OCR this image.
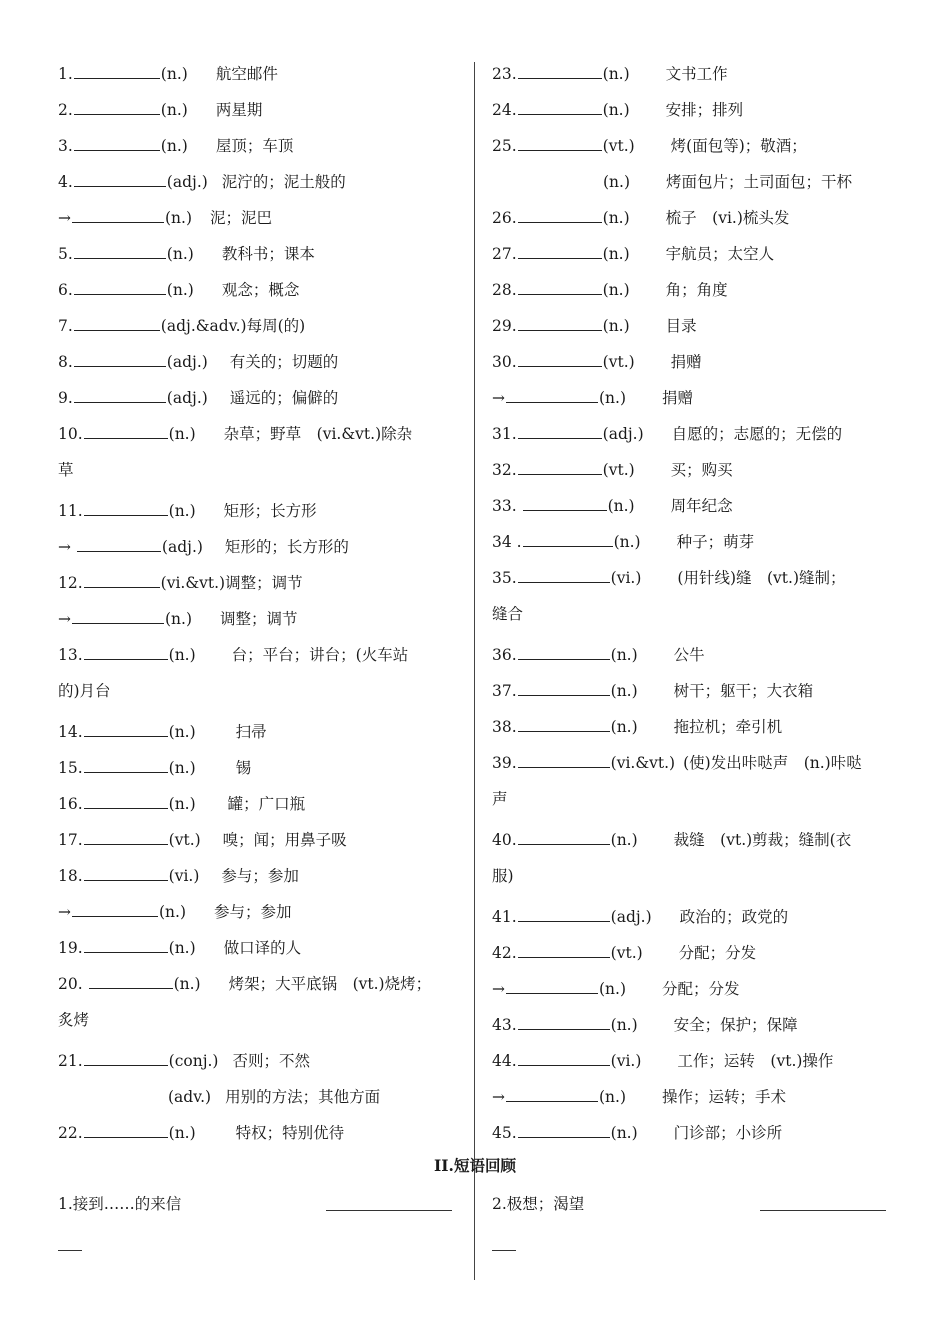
1.	(n.) 航空邮件
2.	(n.) 两星期
3.	(n.) 屋顶；车顶
4.	(adj.) 泥泞的；泥土般的
→	(n.) 泥；泥巴
5.	(n.) 教科书；课本
6.	(n.) 观念；概念
7.	(adj.&adv.)每周(的)
8.	(adj.) 有关的；切题的
9.	(adj.) 遥远的；偏僻的
10.	(n.) 杂草；野草　(vi.&vt.)除杂
草
11.	(n.) 矩形；长方形
→	(adj.) 矩形的；长方形的
12.	(vi.&vt.)调整；调节
→	(n.) 调整；调节
13.	(n.) 台；平台；讲台；(火车站
的)月台
14.	(n.)	扫帚
15.	(n.)	锡
16.	(n.) 罐；广口瓶
17.	(vt.) 嗅；闻；用鼻子吸
18.	(vi.) 参与；参加
→	(n.) 参与；参加
19.	(n.) 做口译的人
20.	(n.) 烤架；大平底锅　(vt.)烧烤；
炙烤
21.	(conj.) 否则；不然
(adv.) 用别的方法；其他方面
22.	(n.)	特权；特别优待
23.	(n.) 文书工作
24.	(n.) 安排；排列
25.	(vt.) 烤(面包等)；敬酒；
(n.) 烤面包片；土司面包；干杯
26.	(n.) 梳子　(vi.)梳头发
27.	(n.) 宇航员；太空人
28.	(n.) 角；角度
29.	(n.) 目录
30.	(vt.) 捐赠
→	(n.) 捐赠
31.	(adj.) 自愿的；志愿的；无偿的
32.	(vt.) 买；购买
33.	(n.) 周年纪念
34 .	(n.) 种子；萌芽
35.	(vi.) (用针线)缝　(vt.)缝制；
缝合
36.	(n.) 公牛
37.	(n.) 树干；躯干；大衣箱
38.	(n.) 拖拉机；牵引机
39.	(vi.&vt.) (使)发出咔哒声　(n.)咔哒
声
40.	(n.) 裁缝　(vt.)剪裁；缝制(衣
服)
41.	(adj.) 政治的；政党的
42.	(vt.) 分配；分发
→	(n.) 分配；分发
43.	(n.) 安全；保护；保障
44.	(vi.) 工作；运转　(vt.)操作
→	(n.) 操作；运转；手术
45.	(n.) 门诊部；小诊所
II.短语回顾
1.接到……的来信	2.极想；渴望
